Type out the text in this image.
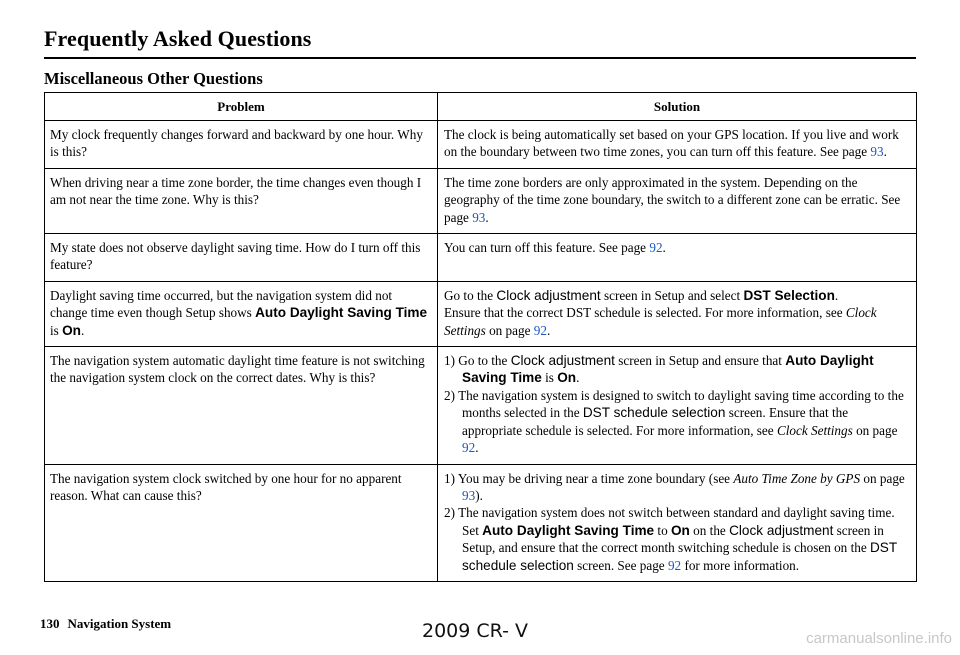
Frequently Asked Questions
Miscellaneous Other Questions
Problem	Solution
My clock frequently changes forward and backward by one hour. Why is this?	The clock is being automatically set based on your GPS location. If you live and work on the boundary between two time zones, you can turn off this feature. See page 93.
When driving near a time zone border, the time changes even though I am not near the time zone. Why is this?	The time zone borders are only approximated in the system. Depending on the geography of the time zone boundary, the switch to a different zone can be erratic. See page 93.
My state does not observe daylight saving time. How do I turn off this feature?	You can turn off this feature. See page 92.
Daylight saving time occurred, but the navigation system did not change time even though Setup shows Auto Daylight Saving Time is On.	Go to the Clock adjustment screen in Setup and select DST Selection.
Ensure that the correct DST schedule is selected. For more information, see Clock Settings on page 92.
The navigation system automatic daylight time feature is not switching the navigation system clock on the correct dates. Why is this?	1) Go to the Clock adjustment screen in Setup and ensure that Auto Daylight Saving Time is On.
2) The navigation system is designed to switch to daylight saving time according to the months selected in the DST schedule selection screen. Ensure that the appropriate schedule is selected. For more information, see Clock Settings on page 92.

The navigation system clock switched by one hour for no apparent reason. What can cause this?	1) You may be driving near a time zone boundary (see Auto Time Zone by GPS on page 93).
2) The navigation system does not switch between standard and daylight saving time. Set Auto Daylight Saving Time to On on the Clock adjustment screen in Setup, and ensure that the correct month switching schedule is chosen on the DST schedule selection screen. See page 92 for more information.
130 Navigation System	2009 CR- V	carmanualsonline.info
